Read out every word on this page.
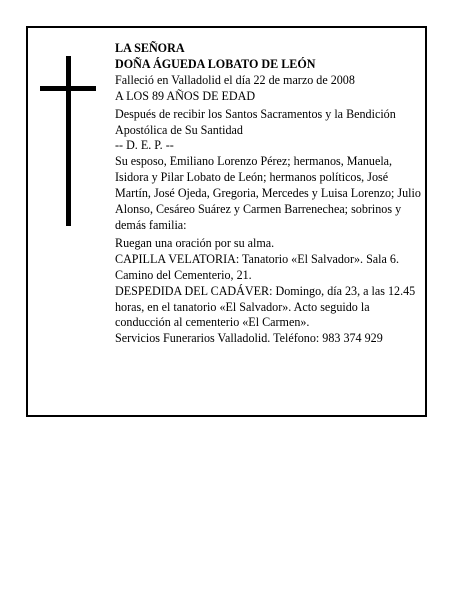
LA SEÑORA

DOÑA ÁGUEDA LOBATO DE LEÓN

Falleció en Valladolid el día 22 de marzo de 2008

A LOS 89 AÑOS DE EDAD

Después de recibir los Santos Sacramentos y la Bendición Apostólica de Su Santidad

-- D. E. P. --

Su esposo, Emiliano Lorenzo Pérez; hermanos, Manuela, Isidora y Pilar Lobato de León; hermanos políticos, José Martín, José Ojeda, Gregoria, Mercedes y Luisa Lorenzo; Julio Alonso, Cesáreo Suárez y Carmen Barrenechea; sobrinos y demás familia:

Ruegan una oración por su alma.

CAPILLA VELATORIA: Tanatorio «El Salvador». Sala 6. Camino del Cementerio, 21.

DESPEDIDA DEL CADÁVER: Domingo, día 23, a las 12.45 horas, en el tanatorio «El Salvador». Acto seguido la conducción al cementerio «El Carmen».

Servicios Funerarios Valladolid. Teléfono: 983 374 929
